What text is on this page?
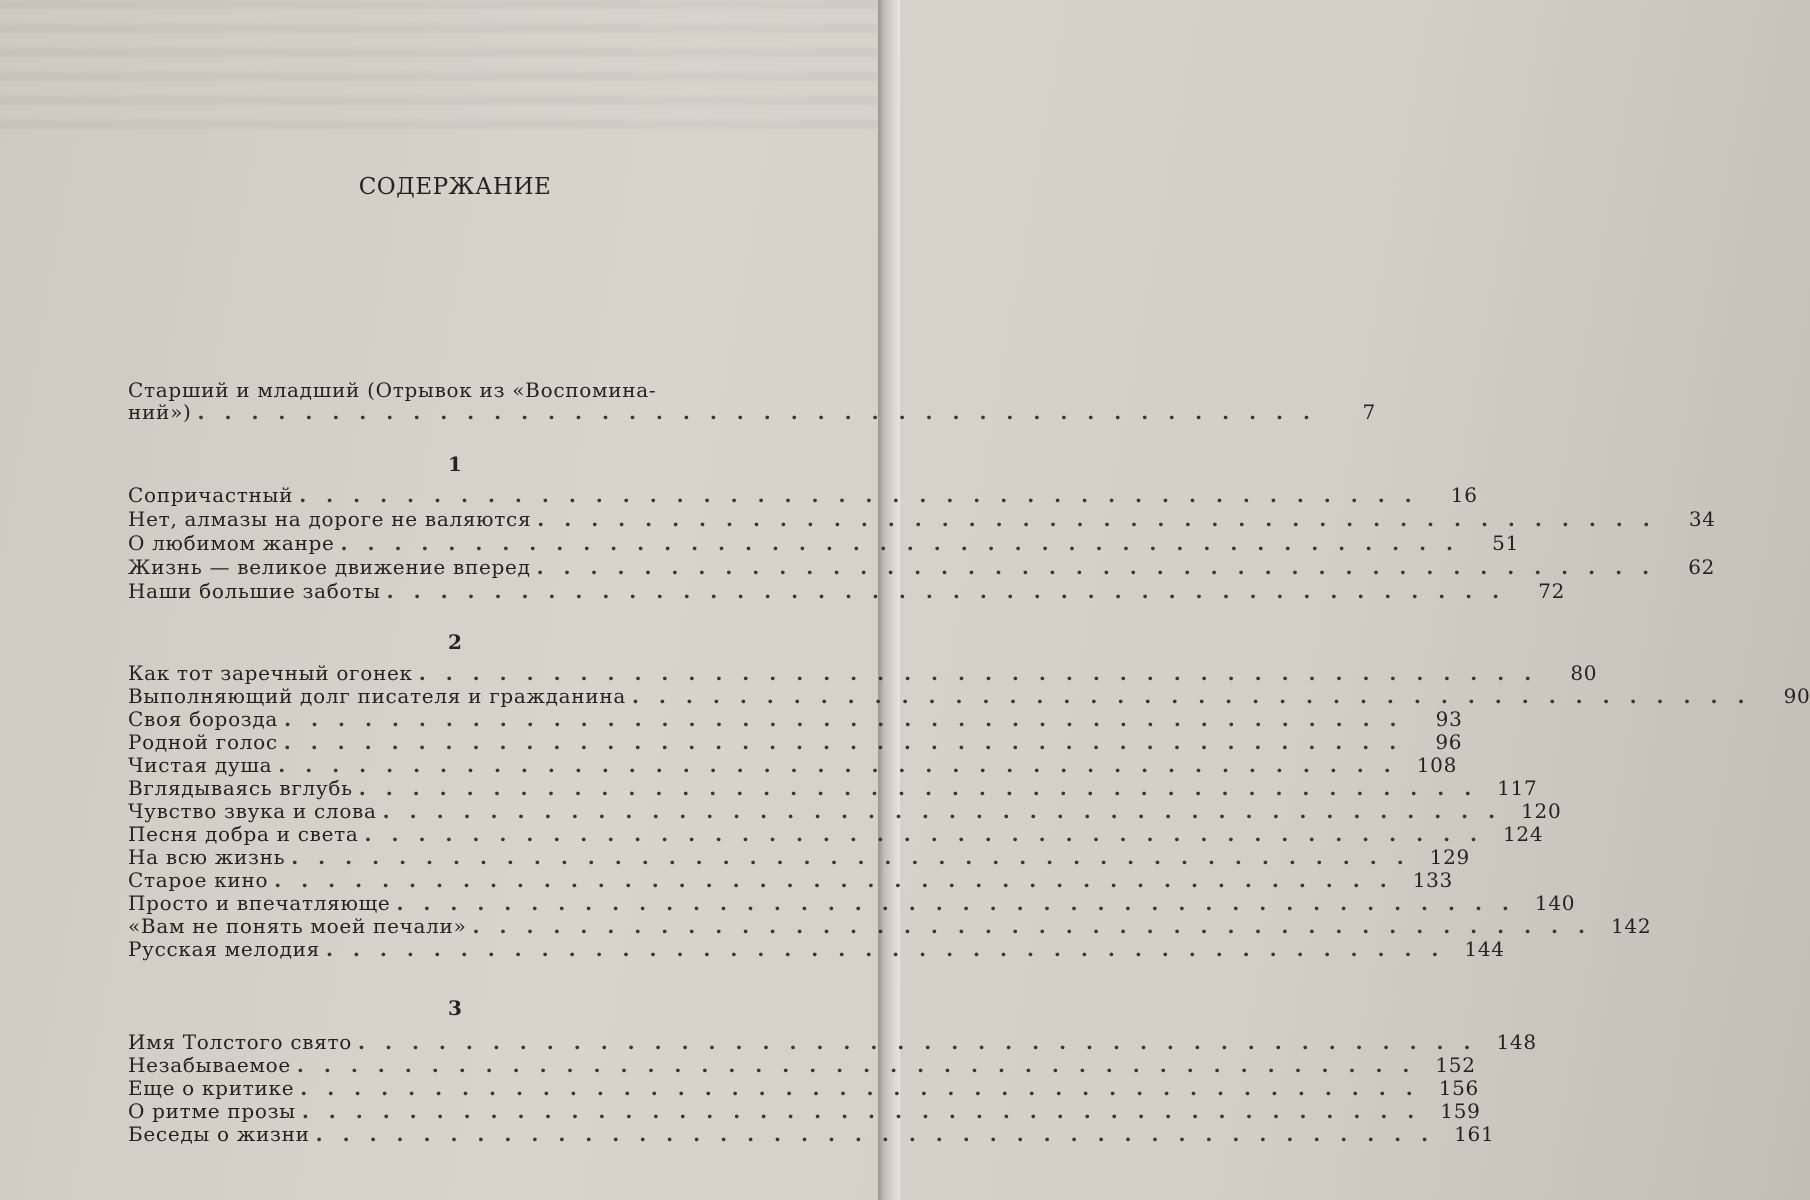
СОДЕРЖАНИЕ
Старший и младший (Отрывок из «Воспомина-
ний») ..........................................	7
1
Сопричастный .......................................... 16
Нет, алмазы на дороге не валяются .......................................... 34
О любимом жанре .......................................... 51
Жизнь — великое движение вперед .......................................... 62
Наши большие заботы .......................................... 72
2
Как тот заречный огонек .......................................... 80
Выполняющий долг писателя и гражданина .......................................... 90
Своя борозда .......................................... 93
Родной голос .......................................... 96
Чистая душа .......................................... 108
Вглядываясь вглубь .......................................... 117
Чувство звука и слова .......................................... 120
Песня добра и света .......................................... 124
На всю жизнь .......................................... 129
Старое кино .......................................... 133
Просто и впечатляюще .......................................... 140
«Вам не понять моей печали» .......................................... 142
Русская мелодия .......................................... 144
3
Имя Толстого свято .......................................... 148
Незабываемое .......................................... 152
Еще о критике .......................................... 156
О ритме прозы .......................................... 159
Беседы о жизни .......................................... 161
